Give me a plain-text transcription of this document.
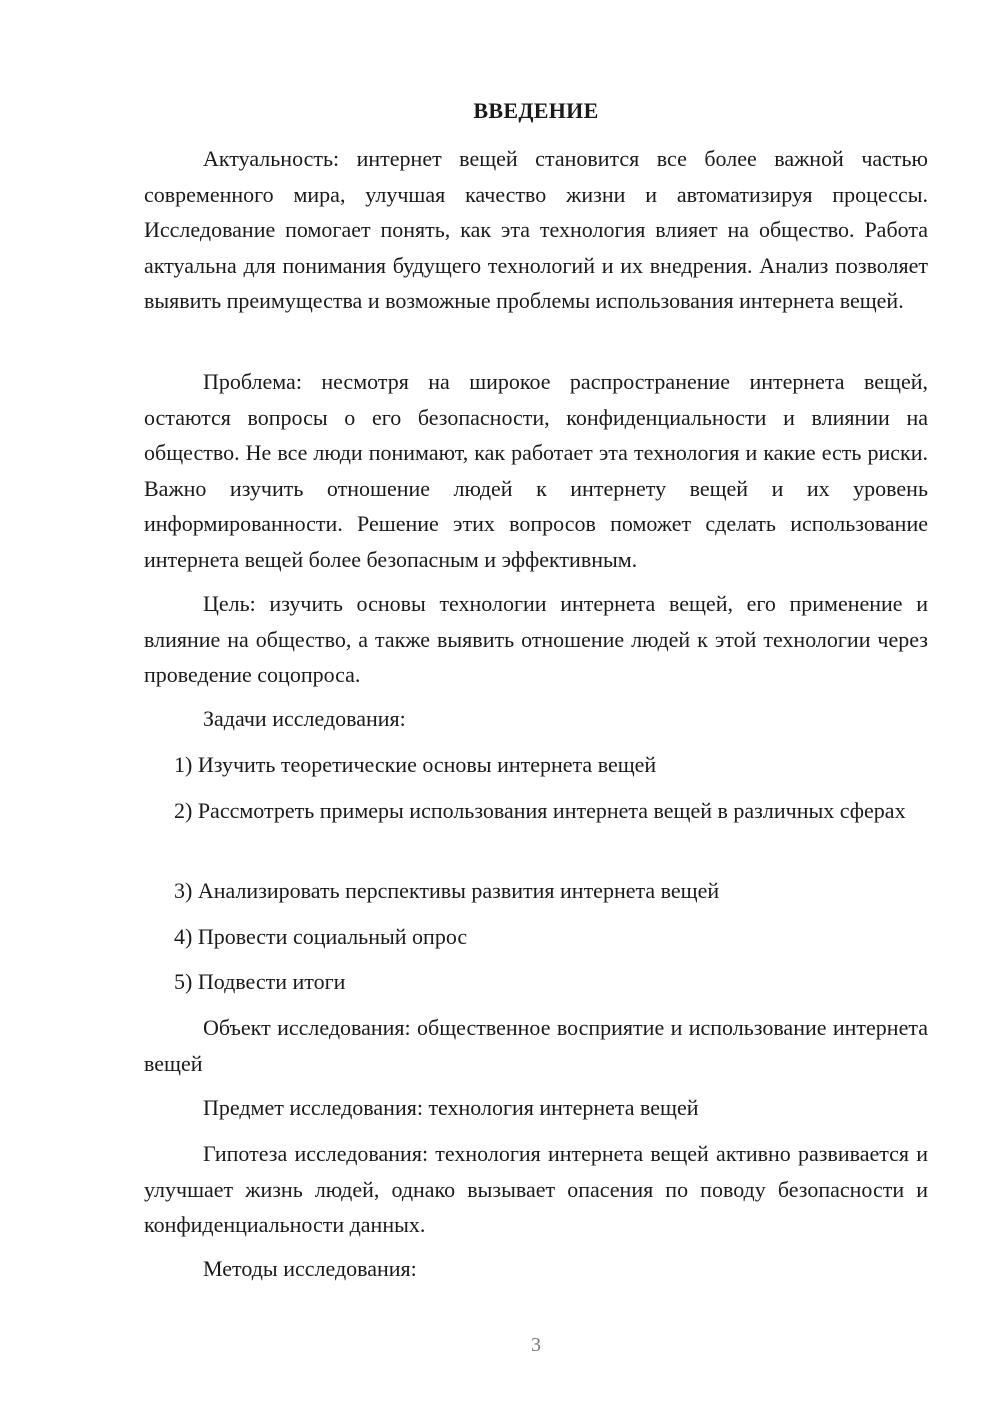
ВВЕДЕНИЕ
Актуальность: интернет вещей становится все более важной частью современного мира, улучшая качество жизни и автоматизируя процессы. Исследование помогает понять, как эта технология влияет на общество. Работа актуальна для понимания будущего технологий и их внедрения. Анализ позволяет выявить преимущества и возможные проблемы использования интернета вещей.
Проблема: несмотря на широкое распространение интернета вещей, остаются вопросы о его безопасности, конфиденциальности и влиянии на общество. Не все люди понимают, как работает эта технология и какие есть риски. Важно изучить отношение людей к интернету вещей и их уровень информированности. Решение этих вопросов поможет сделать использование интернета вещей более безопасным и эффективным.
Цель: изучить основы технологии интернета вещей, его применение и влияние на общество, а также выявить отношение людей к этой технологии через проведение соцопроса.
Задачи исследования:
1) Изучить теоретические основы интернета вещей
2) Рассмотреть примеры использования интернета вещей в различных сферах
3) Анализировать перспективы развития интернета вещей
4) Провести социальный опрос
5) Подвести итоги
Объект исследования: общественное восприятие и использование интернета вещей
Предмет исследования: технология интернета вещей
Гипотеза исследования: технология интернета вещей активно развивается и улучшает жизнь людей, однако вызывает опасения по поводу безопасности и конфиденциальности данных.
Методы исследования:
3
